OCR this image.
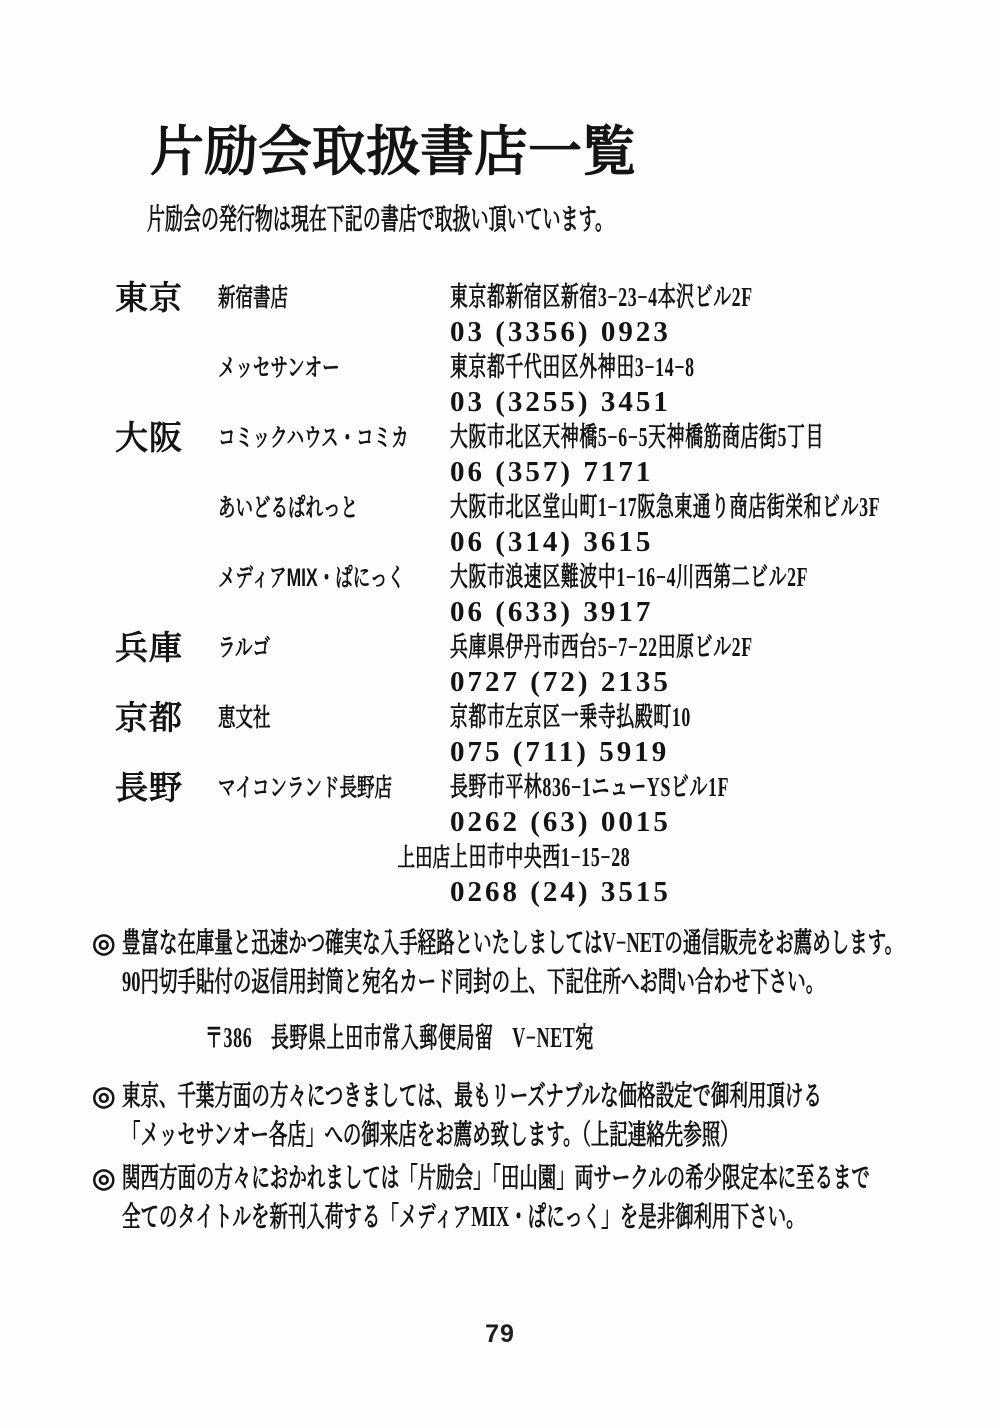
片励会取扱書店一覧
片励会の発行物は現在下記の書店で取扱い頂いています。
東京	新宿書店	東京都新宿区新宿3−23−4本沢ビル2F
03 (3356) 0923
メッセサンオー	東京都千代田区外神田3−14−8
03 (3255) 3451
大阪	コミックハウス・コミカ	大阪市北区天神橋5−6−5天神橋筋商店街5丁目
06 (357) 7171
あいどるぱれっと	大阪市北区堂山町1−17阪急東通り商店街栄和ビル3F
06 (314) 3615
メディアMIX・ぱにっく	大阪市浪速区難波中1−16−4川西第二ビル2F
06 (633) 3917
兵庫	ラルゴ	兵庫県伊丹市西台5−7−22田原ビル2F
0727 (72) 2135
京都	恵文社	京都市左京区一乗寺払殿町10
075 (711) 5919
長野	マイコンランド長野店	長野市平林836−1ニューYSビル1F
0262 (63) 0015
上田店 上田市中央西1−15−28
0268 (24) 3515
◎ 豊富な在庫量と迅速かつ確実な入手経路といたしましてはV−NETの通信販売をお薦めします。
90円切手貼付の返信用封筒と宛名カード同封の上、下記住所へお問い合わせ下さい。
〒386　長野県上田市常入郵便局留　V−NET宛
◎ 東京、千葉方面の方々につきましては、最もリーズナブルな価格設定で御利用頂ける
「メッセサンオー各店」への御来店をお薦め致します。（上記連絡先参照）
◎ 関西方面の方々におかれましては「片励会」「田山園」両サークルの希少限定本に至るまで
全てのタイトルを新刊入荷する「メディアMIX・ぱにっく」を是非御利用下さい。
79
